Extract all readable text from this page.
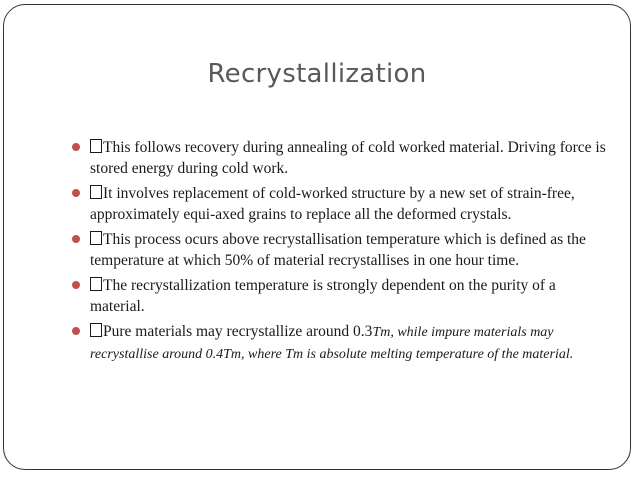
Recrystallization
This follows recovery during annealing of cold worked material. Driving force is stored energy during cold work.
It involves replacement of cold-worked structure by a new set of strain-free, approximately equi-axed grains to replace all the deformed crystals.
This process ocurs above recrystallisation temperature which is defined as the temperature at which 50% of material recrystallises in one hour time.
The recrystallization temperature is strongly dependent on the purity of a material.
Pure materials may recrystallize around 0.3Tm, while impure materials may recrystallise around 0.4Tm, where Tm is absolute melting temperature of the material.
